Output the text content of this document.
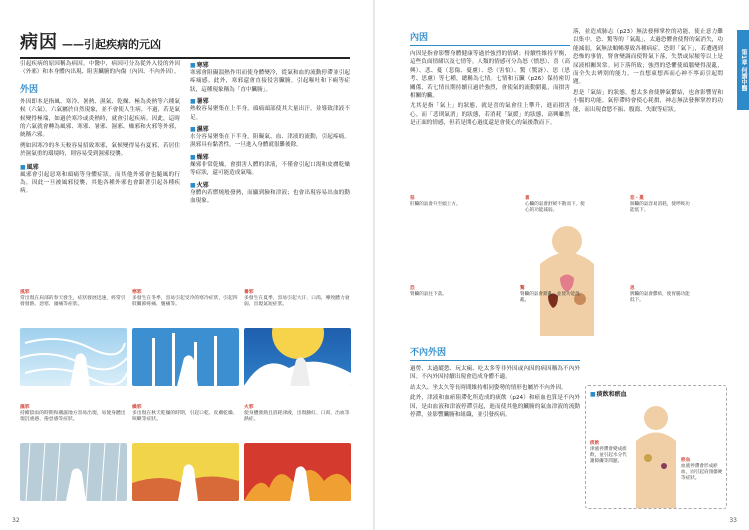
病因 ——引起疾病的元凶
引起疾病的原因稱為病因。中醫中，病因可分為從外入侵的外因（外邪）和本身體內出現、阻害臟腑的內傷（內因、不內外因）。
外因
外因即本是指風、寒冷、暑熱、濕氣、乾燥、極為炎熱等六種氣候（六氣）。六氣屬於自然現象，並不會使人生病。不過，若是氣候變得極端，如過於寒冷或炎熱時，就會引起疾病。因此，這時的六氣就會轉為風邪、寒邪、暑邪、濕邪、燥邪和火邪等外邪，統稱六邪。
例如因寒冷的冬天較容易招致寒邪，氣候變得易有夏邪，若居住於濕氣重的環境時，則容易受到濕邪侵襲。
■ 風邪
風邪會引起惡寒和頭痛等身體症狀，而其他外邪會也隨風的行為，因此一旦被風邪侵襲，其他各種外邪也會跟著引起各種疾病。
■ 寒邪
寒邪會阻礙溫熱作用而使身體變冷，從氣和血的流動停滯並引起疼痛感。此外，寒邪還會直接侵害臟腑，引起嘔吐和下痢等症狀，這種現象稱為「直中臟腑」。
■ 暑邪
熱較容易聚集在上半身，頭痛頭部使其大量出汗，並導致津液不足。
■ 濕邪
水分容易聚集在下半身，阻礙氣、血、津液的流動，引起疼痛。濕邪具有黏著性，一旦進入身體就很難後除。
■ 燥邪
燥邪非常乾燥，會損害人體的津液，不僅會引起口渴和皮膚乾燥等症狀，還可能造成氣喘。
■ 火邪
身體內若燃燒般發熱，而顯到臉和津液；也會出現容易出血的動血現象。
風邪
常出現在肩部的春天發生，症狀發展迅速，經常引發發熱、惡寒、頭痛等症狀。
寒邪
多發生在冬季，容易引起受冷的寒冷症狀，引起四肢關節疼痛、腹痛等。
暑邪
多發生在夏季，容易引起大汗、口渴，導致體力衰弱，出現氣短症狀。
濕邪
持續陰雨的時期和潮濕地方容易出現，易使身體出現沉重感、倦怠感等症狀。
燥邪
多出現在秋天乾燥的時期，引起口乾、皮膚乾燥、咳嗽等症狀。
火邪
使身體發熱且消耗津液，出現臉紅、口渴、出血等熱症。
32
第1章 何謂中醫
內因
內因是指會影響身體健康等過於強烈的情緒；持續性維持平衡，這些負面情緒以及七情等。人類的情感可分為怒（憤怒）、喜（高興）、悲、憂（悲傷、憂慮）、恐（害怕）、驚（驚訝）、思（思考、思慮）等七種，總稱為七情。七情和五臟（p26）保持密切關係，若七情長期持續且過於強烈，會使氣的流動錯亂，而損害相關的臟。
尤其是指「氣上」的狀態，就是喜的氣會往上攀升，進而損害心。而「悲則氣消」的狀態，若消耗「氣緩」的狀態，高興雖然是正面的情感，但若是開心過度還是會使心的氣後散而下。
落，並造成肺志（p23）無法發揮掌控的功能，使止意力難以集中。恐、驚等的「氣亂」，太過恐懼會使腎的氣消失，功能減弱，氣無法順暢導致各種病症。恐則「氣下」，若遭遇到恐怖的事情，腎會變調而使腎氣下落，失禁或尿頻等以上是尿液相關異常。同下落所致；強烈的恐懼使頭腦變得混亂，而全失去辨別的能力，一直想東想西而心神不寧而引起問題。
思是「氣結」的狀態，想太多會使脾氣鬱結，也會影響胃和小腸的功能。氣停滯時會使心耗損，神志無法發揮掌控的功能，而出現食慾不振、腹瀉、失眠等症狀。
怒
肝臟的氣會升至頭上方。
喜
心臟的氣會舒緩不散而下，使心的功能減弱。
悲・憂
肺臟的氣容易消耗，使呼吸功能低下。
恐
腎臟的氣往下落。
驚
腎臟的氣會錯亂，並使功能混亂。
思
脾臟的氣會鬱結，使胃腸功能低下。
不內外因
過勞、太過縱慾、玩太瘋、吃太多等非外因或內因的病因稱為不內外因。不內外因持續出現會造成身體不適。
站太久、坐太久等長時間維持相同姿勢的情形也屬於不內外因。
此外，津液和血瘀阻滯化所造成的痰飲（p24）和瘀血也算是不內外因，是由血液和津液停滯引起，進而使其他的臟腑的氣血津液的流動停滯，並影響臟腑和組織，並引發疾病。
■ 痰飲和瘀血
痰飲
津液停滯會變成痰飲，並引起水分代謝障礙等問題。	瘀血
血液停滯會形成瘀血，而引起肩頸僵硬等症狀。
33
